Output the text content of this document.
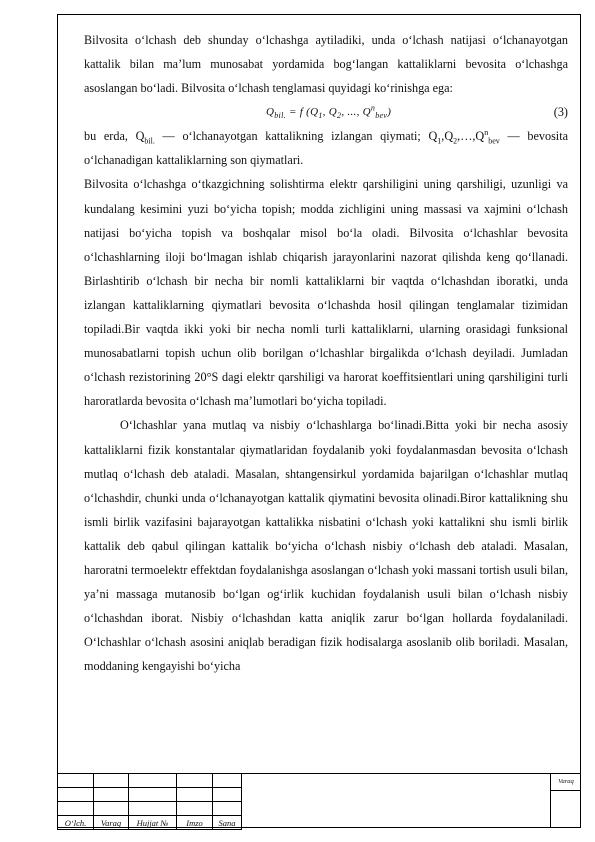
Bilvosita o‘lchash deb shunday o‘lchashga aytiladiki, unda o‘lchash natijasi o‘lchanayotgan kattalik bilan ma’lum munosabat yordamida bog‘langan kattaliklarni bevosita o‘lchashga asoslangan bo‘ladi. Bilvosita o‘lchash tenglamasi quyidagi ko‘rinishga ega:

$Q_{bil.} = f$ ($Q_1$, $Q_2$, ..., $Q^n_{bev}$)	(3)

bu erda, $Q_{bil.}$ — o‘lchanayotgan kattalikning izlangan qiymati; $Q_1,Q_2,\dots,Q^n_{bev}$ — bevosita o‘lchanadigan kattaliklarning son qiymatlari.

Bilvosita o‘lchashga o‘tkazgichning solishtirma elektr qarshiligini uning qarshiligi, uzunligi va kundalang kesimini yuzi bo‘yicha topish; modda zichligini uning massasi va xajmini o‘lchash natijasi bo‘yicha topish va boshqalar misol bo‘la oladi. Bilvosita o‘lchashlar bevosita o‘lchashlarning iloji bo‘lmagan ishlab chiqarish jarayonlarini nazorat qilishda keng qo‘llanadi. Birlashtirib o‘lchash bir necha bir nomli kattaliklarni bir vaqtda o‘lchashdan iboratki, unda izlangan kattaliklarning qiymatlari bevosita o‘lchashda hosil qilingan tenglamalar tizimidan topiladi.Bir vaqtda ikki yoki bir necha nomli turli kattaliklarni, ularning orasidagi funksional munosabatlarni topish uchun olib borilgan o‘lchashlar birgalikda o‘lchash deyiladi. Jumladan o‘lchash rezistorining 20°S dagi elektr qarshiligi va harorat koeffitsientlari uning qarshiligini turli haroratlarda bevosita o‘lchash ma’lumotlari bo‘yicha topiladi.

O‘lchashlar yana mutlaq va nisbiy o‘lchashlarga bo‘linadi.Bitta yoki bir necha asosiy kattaliklarni fizik konstantalar qiymatlaridan foydalanib yoki foydalanmasdan bevosita o‘lchash mutlaq o‘lchash deb ataladi. Masalan, shtangensirkul yordamida bajarilgan o‘lchashlar mutlaq o‘lchashdir, chunki unda o‘lchanayotgan kattalik qiymatini bevosita olinadi.Biror kattalikning shu ismli birlik vazifasini bajarayotgan kattalikka nisbatini o‘lchash yoki kattalikni shu ismli birlik kattalik deb qabul qilingan kattalik bo‘yicha o‘lchash nisbiy o‘lchash deb ataladi. Masalan, haroratni termoelektr effektdan foydalanishga asoslangan o‘lchash yoki massani tortish usuli bilan, ya’ni massaga mutanosib bo‘lgan og‘irlik kuchidan foydalanish usuli bilan o‘lchash nisbiy o‘lchashdan iborat. Nisbiy o‘lchashdan katta aniqlik zarur bo‘lgan hollarda foydalaniladi. O‘lchashlar o‘lchash asosini aniqlab beradigan fizik hodisalarga asoslanib olib boriladi. Masalan, moddaning kengayishi bo‘yicha

O‘lch.	Varaq	Hujjat №	Imzo	Sana
Varaq
